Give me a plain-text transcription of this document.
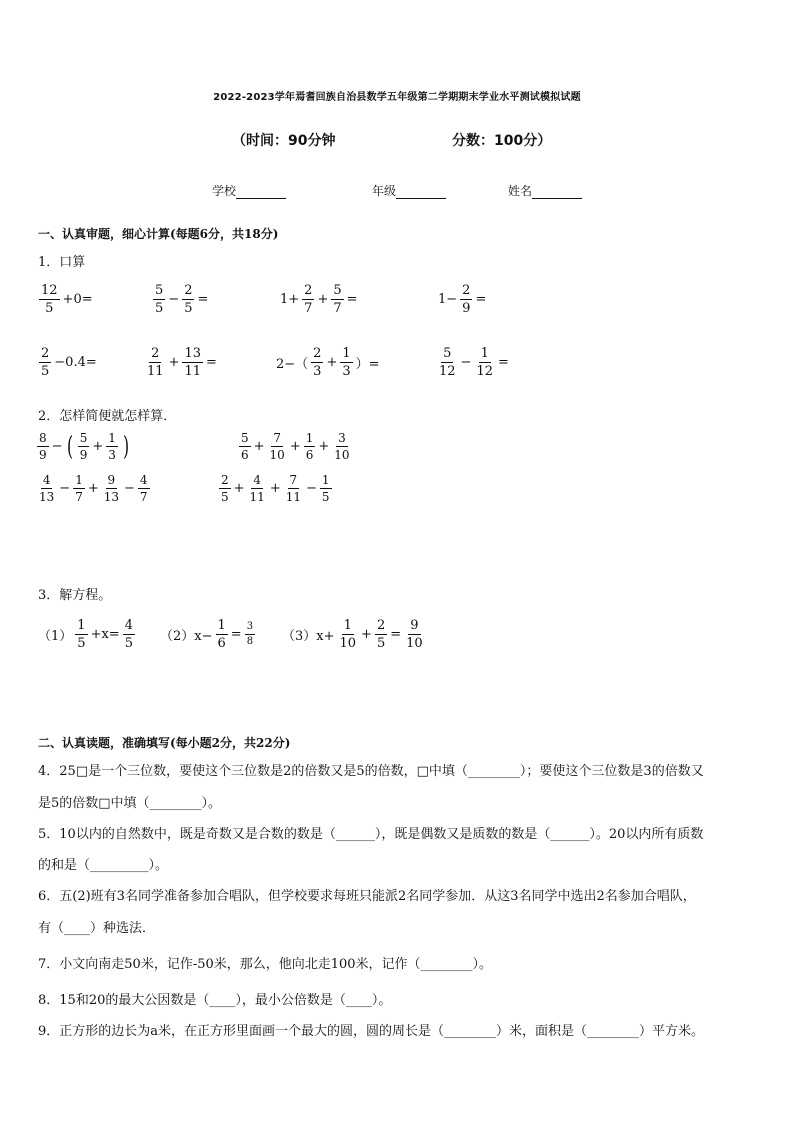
2022-2023学年焉耆回族自治县数学五年级第二学期期末学业水平测试模拟试题
（时间：90分钟	分数：100分）
学校	年级	姓名
一、认真审题，细心计算(每题6分，共18分)
1．口算
$\frac{12}{5} +0=$	$\frac{5}{5} - \frac{2}{5}$ =	$1+ \frac{2}{7} + \frac{5}{7}$ =	$1- \frac{2}{9}$ =
$\frac{2}{5} -0.4=$	$\frac{2}{11} + \frac{13}{11}$ =	$2-( \frac{2}{3} + \frac{1}{3}$ ）=	$\frac{5}{12} - \frac{1}{12}$ =
2．怎样简便就怎样算．
$\frac{8}{9}$ − ( $\frac{5}{9} + \frac{1}{3}$ )	$\frac{5}{6} + \frac{7}{10} + \frac{1}{6} + \frac{3}{10}$
$\frac{4}{13} - \frac{1}{7} + \frac{9}{13} - \frac{4}{7}$	$\frac{2}{5} + \frac{4}{11} + \frac{7}{11} - \frac{1}{5}$
3．解方程。
$(1) \frac{1}{5} +x= \frac{4}{5} (2)x- \frac{1}{6} = \frac{3}{8} (3)x+ \frac{1}{10} + \frac{2}{5} = \frac{9}{10}$
二、认真读题，准确填写(每小题2分，共22分)
4．25□是一个三位数，要使这个三位数是2的倍数又是5的倍数，□中填（________）；要使这个三位数是3的倍数又
是5的倍数□中填（________）。
5．10以内的自然数中，既是奇数又是合数的数是（______），既是偶数又是质数的数是（______）。20以内所有质数
的和是（_________）。
6．五(2)班有3名同学准备参加合唱队，但学校要求每班只能派2名同学参加．从这3名同学中选出2名参加合唱队，
有（____）种选法．
7．小文向南走50米，记作-50米，那么，他向北走100米，记作（________）。
8．15和20的最大公因数是（____），最小公倍数是（____）。
9．正方形的边长为a米，在正方形里面画一个最大的圆，圆的周长是（________）米，面积是（________）平方米。
